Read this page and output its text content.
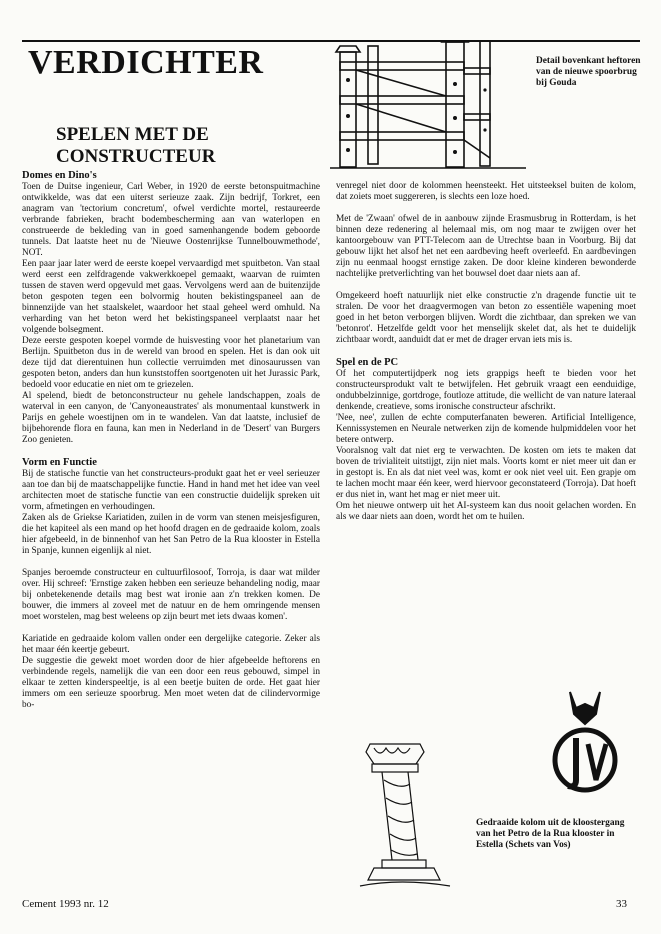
VERDICHTER	Detail bovenkant heftoren van de nieuwe spoorbrug bij Gouda
SPELEN MET DE
CONSTRUCTEUR
Domes en Dino's

Toen de Duitse ingenieur, Carl Weber, in 1920 de eerste betonspuitmachine ontwikkelde, was dat een uiterst serieuze zaak. Zijn bedrijf, Torkret, een anagram van 'tectorium concretum', ofwel verdichte mortel, restaureerde verbrande fabrieken, bracht bodembescherming aan van waterlopen en construeerde de bekleding van in goed samenhangende bodem geboorde tunnels. Dat laatste heet nu de 'Nieuwe Oostenrijkse Tunnelbouwmethode', NOT.

Een paar jaar later werd de eerste koepel vervaardigd met spuitbeton. Van staal werd eerst een zelfdragende vakwerkkoepel gemaakt, waarvan de ruimten tussen de staven werd opgevuld met gaas. Vervolgens werd aan de buitenzijde beton gespoten tegen een bolvormig houten bekistingspaneel aan de binnenzijde van het staalskelet, waardoor het staal geheel werd omhuld. Na verharding van het beton werd het bekistingspaneel verplaatst naar het volgende bolsegment.

Deze eerste gespoten koepel vormde de huisvesting voor het planetarium van Berlijn. Spuitbeton dus in de wereld van brood en spelen. Het is dan ook uit deze tijd dat dierentuinen hun collectie verruimden met dinosaurussen van gespoten beton, anders dan hun kunststoffen soortgenoten uit het Jurassic Park, bedoeld voor educatie en niet om te griezelen.

Al spelend, biedt de betonconstructeur nu gehele landschappen, zoals de waterval in een canyon, de 'Canyoneaustrates' als monumentaal kunstwerk in Parijs en gehele woestijnen om in te wandelen. Van dat laatste, inclusief de bijbehorende flora en fauna, kan men in Nederland in de 'Desert' van Burgers Zoo genieten.

Vorm en Functie

Bij de statische functie van het constructeurs-produkt gaat het er veel serieuzer aan toe dan bij de maatschappelijke functie. Hand in hand met het idee van veel architecten moet de statische functie van een constructie duidelijk spreken uit vorm, afmetingen en verhoudingen.

Zaken als de Griekse Kariatiden, zuilen in de vorm van stenen meisjesfiguren, die het kapiteel als een mand op het hoofd dragen en de gedraaide kolom, zoals hier afgebeeld, in de binnenhof van het San Petro de la Rua klooster in Estella in Spanje, kunnen eigenlijk al niet.

Spanjes beroemde constructeur en cultuurfilosoof, Torroja, is daar wat milder over. Hij schreef: 'Ernstige zaken hebben een serieuze behandeling nodig, maar bij onbetekenende details mag best wat ironie aan z'n trekken komen. De bouwer, die immers al zoveel met de natuur en de hem omringende mensen moet worstelen, mag best weleens op zijn beurt met iets dwaas komen'.

Kariatide en gedraaide kolom vallen onder een dergelijke categorie. Zeker als het maar één keertje gebeurt.

De suggestie die gewekt moet worden door de hier afgebeelde heftorens en verbindende regels, namelijk die van een door een reus gebouwd, simpel in elkaar te zetten kinderspeeltje, is al een beetje buiten de orde. Het gaat hier immers om een serieuze spoorbrug. Men moet weten dat de cilindervormige bo-

venregel niet door de kolommen heensteekt. Het uitsteeksel buiten de kolom, dat zoiets moet suggereren, is slechts een loze hoed.

Met de 'Zwaan' ofwel de in aanbouw zijnde Erasmusbrug in Rotterdam, is het binnen deze redenering al helemaal mis, om nog maar te zwijgen over het kantoorgebouw van PTT-Telecom aan de Utrechtse baan in Voorburg. Bij dat gebouw lijkt het alsof het net een aardbeving heeft overleefd. En aardbevingen zijn nu eenmaal hoogst ernstige zaken. De door kleine kinderen bewonderde nachtelijke pretverlichting van het bouwsel doet daar niets aan af.

Omgekeerd hoeft natuurlijk niet elke constructie z'n dragende functie uit te stralen. De voor het draagvermogen van beton zo essentiële wapening moet goed in het beton verborgen blijven. Wordt die zichtbaar, dan spreken we van 'betonrot'. Hetzelfde geldt voor het menselijk skelet dat, als het te duidelijk zichtbaar wordt, aanduidt dat er met de drager ervan iets mis is.

Spel en de PC

Of het computertijdperk nog iets grappigs heeft te bieden voor het constructeursprodukt valt te betwijfelen. Het gebruik vraagt een eenduidige, ondubbelzinnige, gortdroge, foutloze attitude, die wellicht de van nature lateraal denkende, creatieve, soms ironische constructeur afschrikt.

'Nee, nee', zullen de echte computerfanaten beweren. Artificial Intelligence, Kennissystemen en Neurale netwerken zijn de komende hulpmiddelen voor het betere ontwerp.

Vooralsnog valt dat niet erg te verwachten. De kosten om iets te maken dat boven de trivialiteit uitstijgt, zijn niet mals. Voorts komt er niet meer uit dan er in gestopt is. En als dat niet veel was, komt er ook niet veel uit. Een grapje om te lachen mocht maar één keer, werd hiervoor geconstateerd (Torroja). Dat hoeft er dus niet in, want het mag er niet meer uit.

Om het nieuwe ontwerp uit het AI-systeem kan dus nooit gelachen worden. En als we daar niets aan doen, wordt het om te huilen.

Gedraaide kolom uit de kloostergang van het Petro de la Rua klooster in Estella (Schets van Vos)
Cement 1993 nr. 12	33
